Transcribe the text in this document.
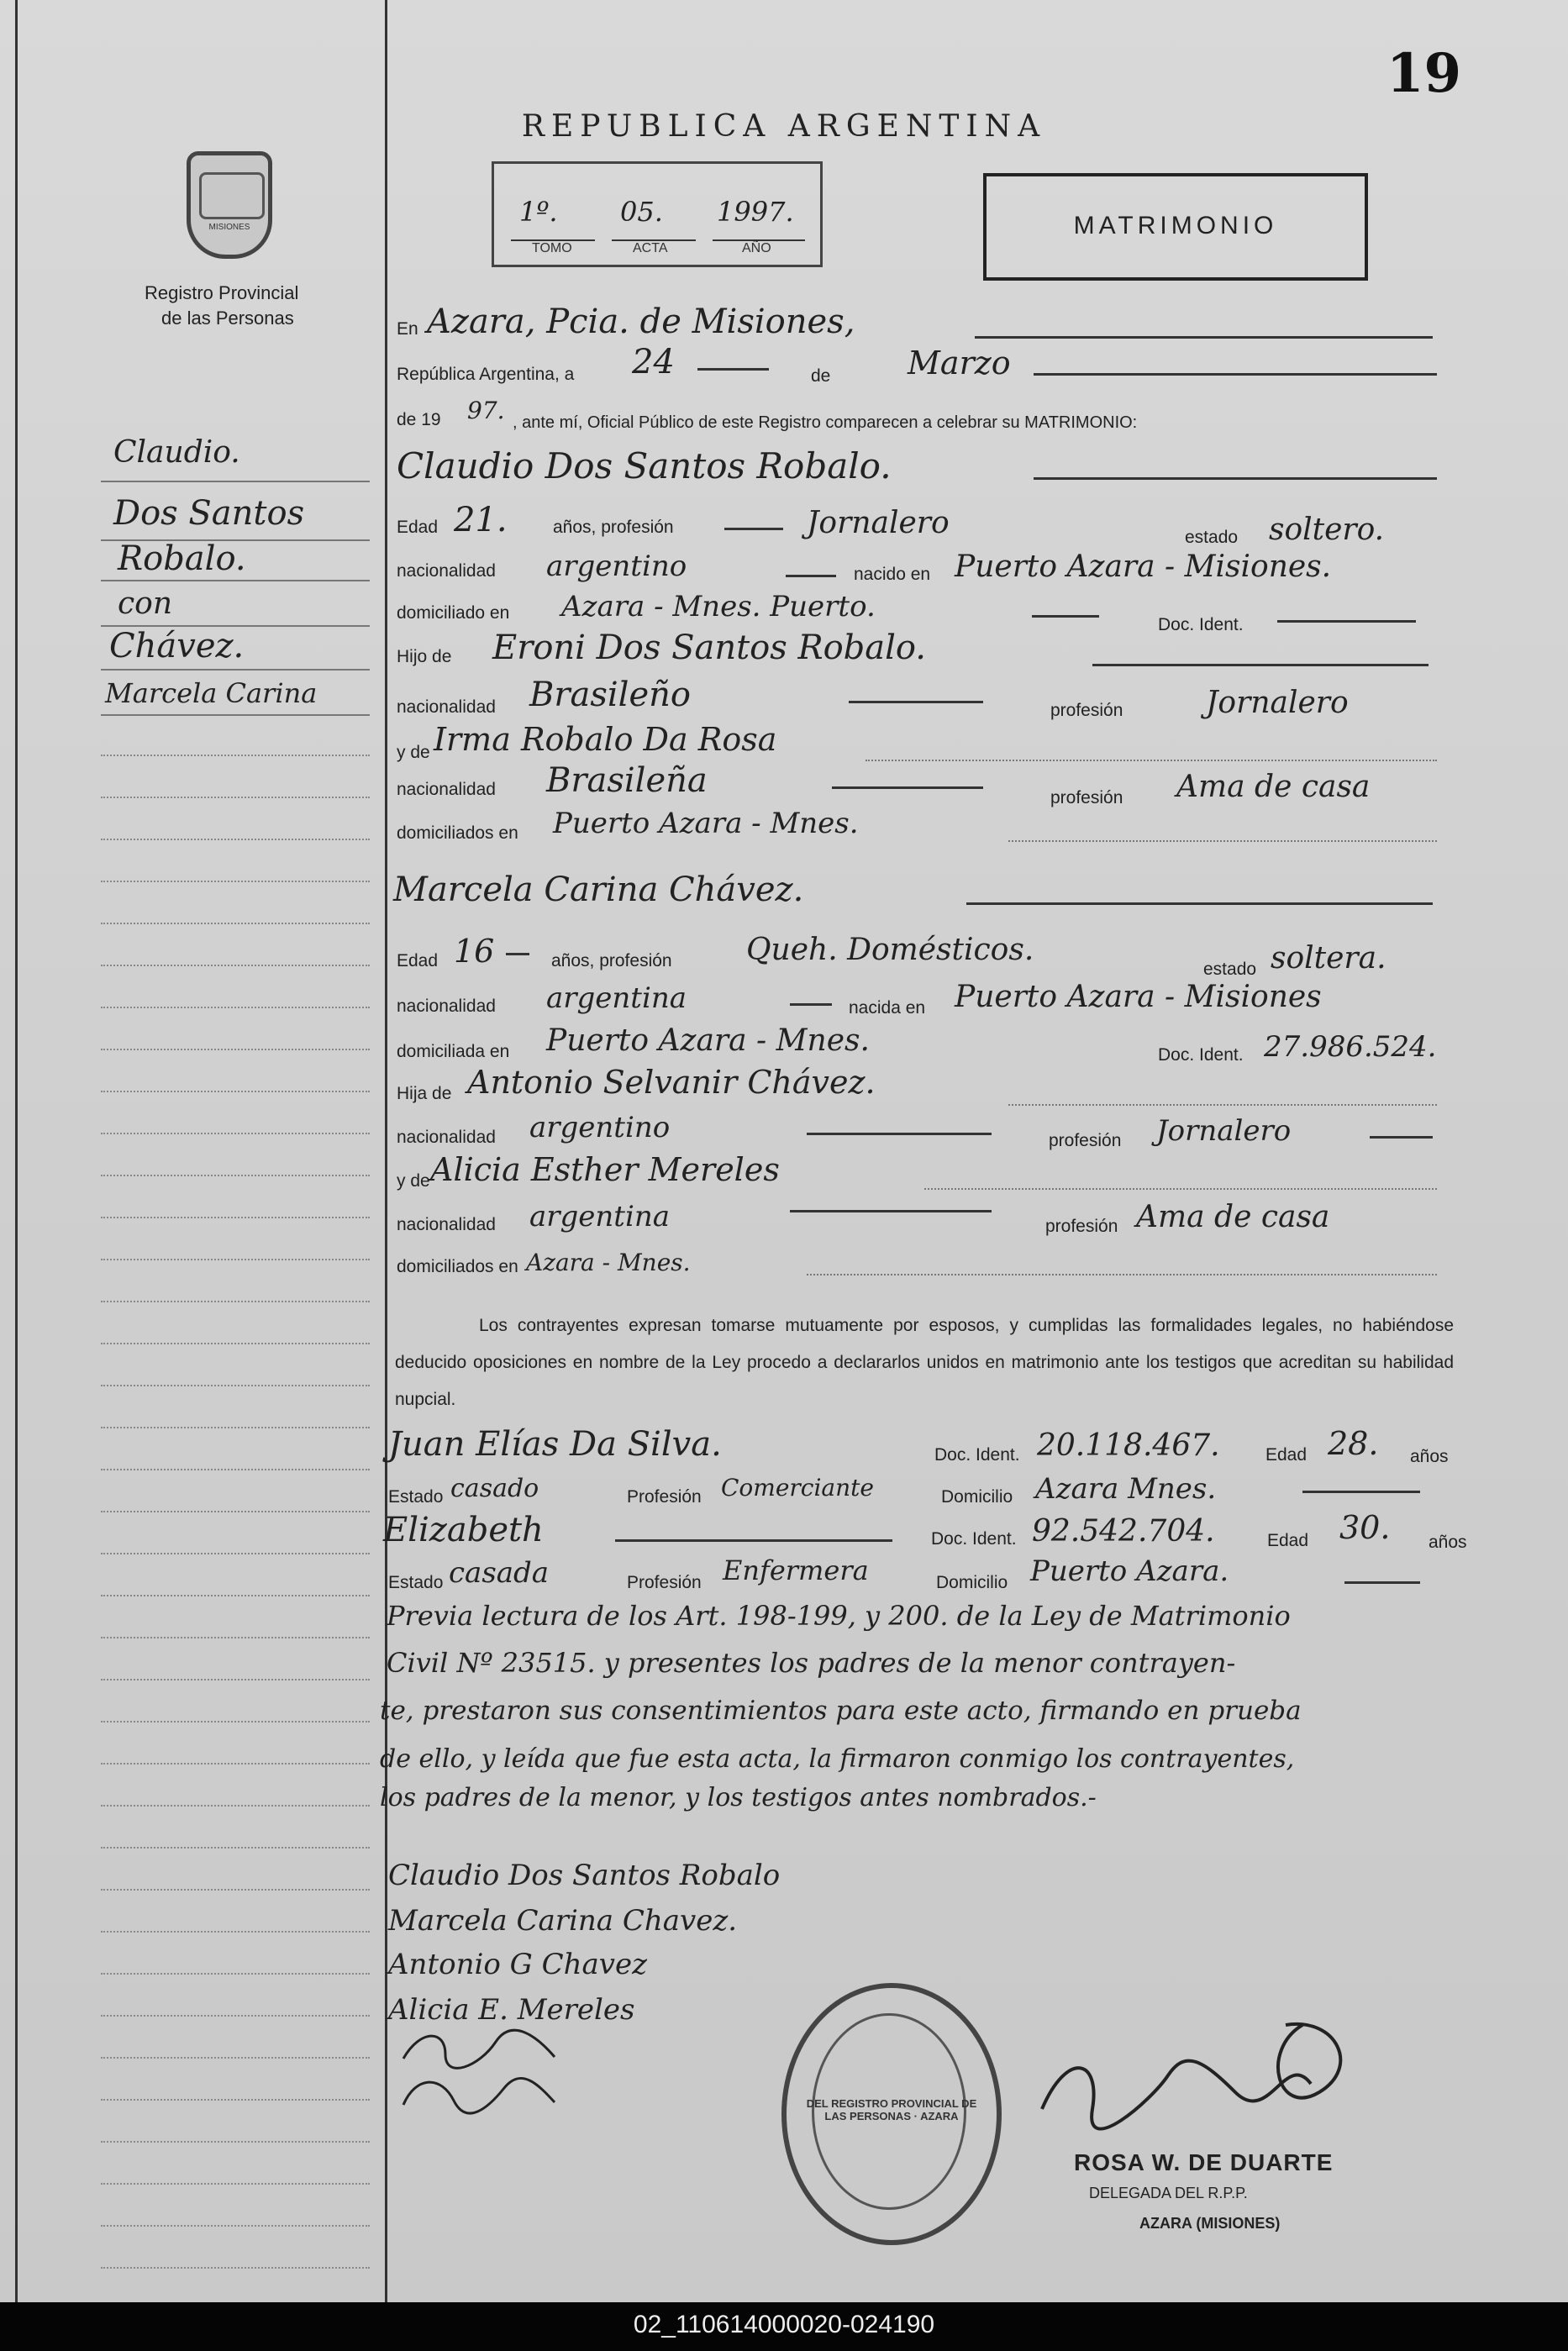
19
REPUBLICA ARGENTINA
MISIONES
Registro Provincial
de las Personas
1º. 05. 1997.
TOMO	ACTA	AÑO
MATRIMONIO
Claudio.
Dos Santos
Robalo.
con
Chávez.
Marcela Carina
En Azara, Pcia. de Misiones,
República Argentina, a 24	de Marzo
de 19 97. , ante mí, Oficial Público de este Registro comparecen a celebrar su MATRIMONIO:
Claudio Dos Santos Robalo.
Edad 21.	años, profesión	Jornalero	estado soltero.
nacionalidad argentino	nacido en Puerto Azara - Misiones.
domiciliado en Azara - Mnes. Puerto.
Doc. Ident.
Hijo de Eroni Dos Santos Robalo.
nacionalidad Brasileño	profesión	Jornalero
y de Irma Robalo Da Rosa
nacionalidad Brasileña	profesión Ama de casa
domiciliados en Puerto Azara - Mnes.
Marcela Carina Chávez.
Edad 16	años, profesión Queh. Domésticos.
estado soltera.
nacionalidad argentina	nacida en Puerto Azara - Misiones
domiciliada en Puerto Azara - Mnes.	Doc. Ident. 27.986.524.
Hija de Antonio Selvanir Chávez.
nacionalidad argentino	profesión Jornalero
y de Alicia Esther Mereles
nacionalidad argentina	profesión Ama de casa
domiciliados en Azara - Mnes.
Los contrayentes expresan tomarse mutuamente por esposos, y cumplidas las formalidades legales, no habiéndose deducido oposiciones en nombre de la Ley procedo a declararlos unidos en matrimonio ante los testigos que acreditan su habilidad nupcial.
Juan Elías Da Silva.	Doc. Ident. 20.118.467.	Edad 28. años
Estado casado	Profesión Comerciante	Domicilio Azara Mnes.
Elizabeth	Doc. Ident. 92.542.704.	Edad 30. años
Estado casada	Profesión Enfermera	Domicilio Puerto Azara.
Previa lectura de los Art. 198-199, y 200. de la Ley de Matrimonio
Civil Nº 23515. y presentes los padres de la menor contrayen-
te, prestaron sus consentimientos para este acto, firmando en prueba
de ello, y leída que fue esta acta, la firmaron conmigo los contrayentes,
los padres de la menor, y los testigos antes nombrados.-
Claudio Dos Santos Robalo
Marcela Carina Chavez.
Antonio G Chavez
Alicia E. Mereles
DEL REGISTRO PROVINCIAL DE LAS PERSONAS · AZARA
ROSA W. DE DUARTE
DELEGADA DEL R.P.P.
AZARA (MISIONES)
02_110614000020-024190
